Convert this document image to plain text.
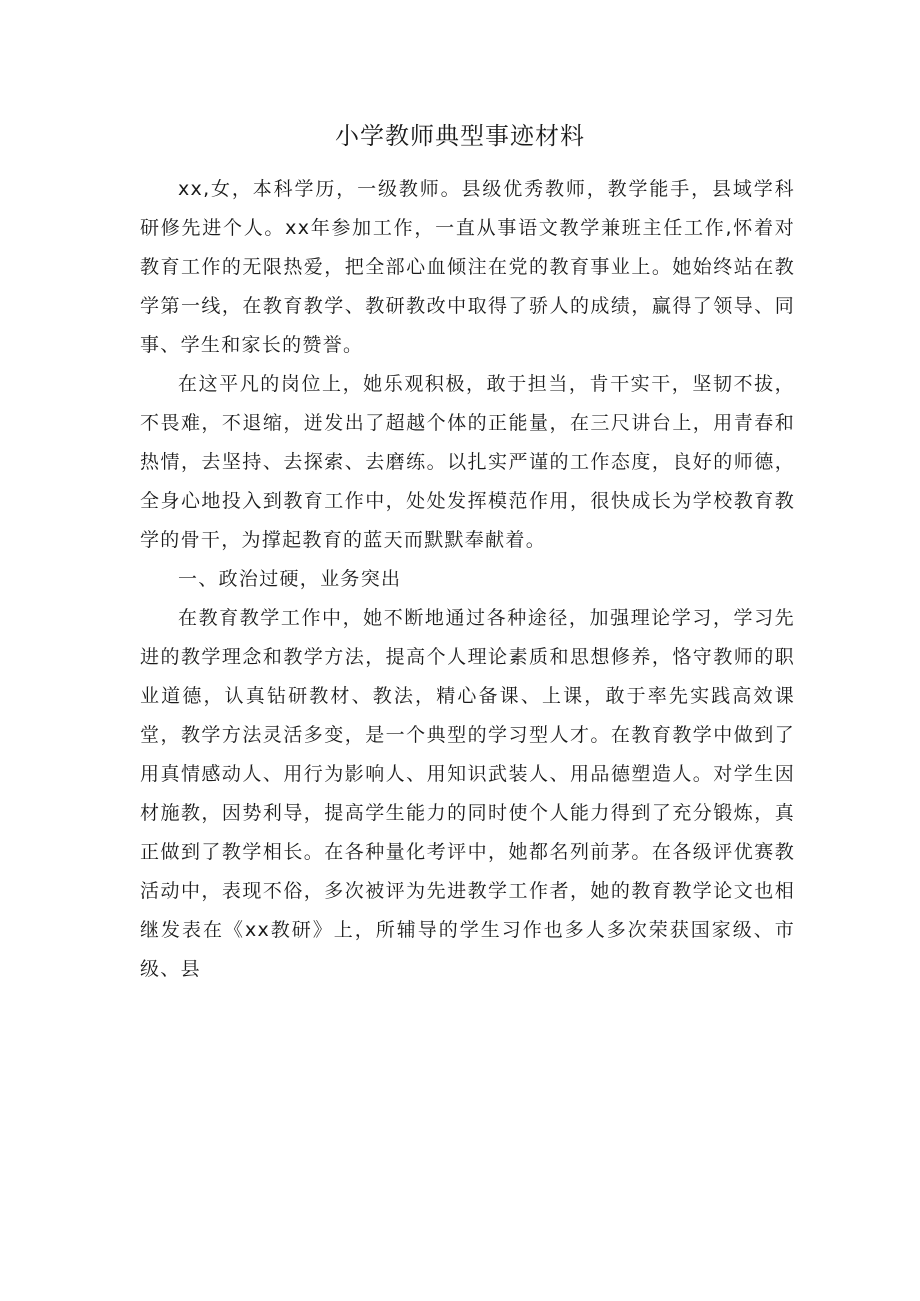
小学教师典型事迹材料

xx,女，本科学历，一级教师。县级优秀教师，教学能手，县域学科研修先进个人。xx年参加工作，一直从事语文教学兼班主任工作,怀着对教育工作的无限热爱，把全部心血倾注在党的教育事业上。她始终站在教学第一线，在教育教学、教研教改中取得了骄人的成绩，赢得了领导、同事、学生和家长的赞誉。

在这平凡的岗位上，她乐观积极，敢于担当，肯干实干，坚韧不拔，不畏难，不退缩，迸发出了超越个体的正能量，在三尺讲台上，用青春和热情，去坚持、去探索、去磨练。以扎实严谨的工作态度，良好的师德，全身心地投入到教育工作中，处处发挥模范作用，很快成长为学校教育教学的骨干，为撑起教育的蓝天而默默奉献着。

一、政治过硬，业务突出

在教育教学工作中，她不断地通过各种途径，加强理论学习，学习先进的教学理念和教学方法，提高个人理论素质和思想修养，恪守教师的职业道德，认真钻研教材、教法，精心备课、上课，敢于率先实践高效课堂，教学方法灵活多变，是一个典型的学习型人才。在教育教学中做到了用真情感动人、用行为影响人、用知识武装人、用品德塑造人。对学生因材施教，因势利导，提高学生能力的同时使个人能力得到了充分锻炼，真正做到了教学相长。在各种量化考评中，她都名列前茅。在各级评优赛教活动中，表现不俗，多次被评为先进教学工作者，她的教育教学论文也相继发表在《xx教研》上，所辅导的学生习作也多人多次荣获国家级、市级、县
